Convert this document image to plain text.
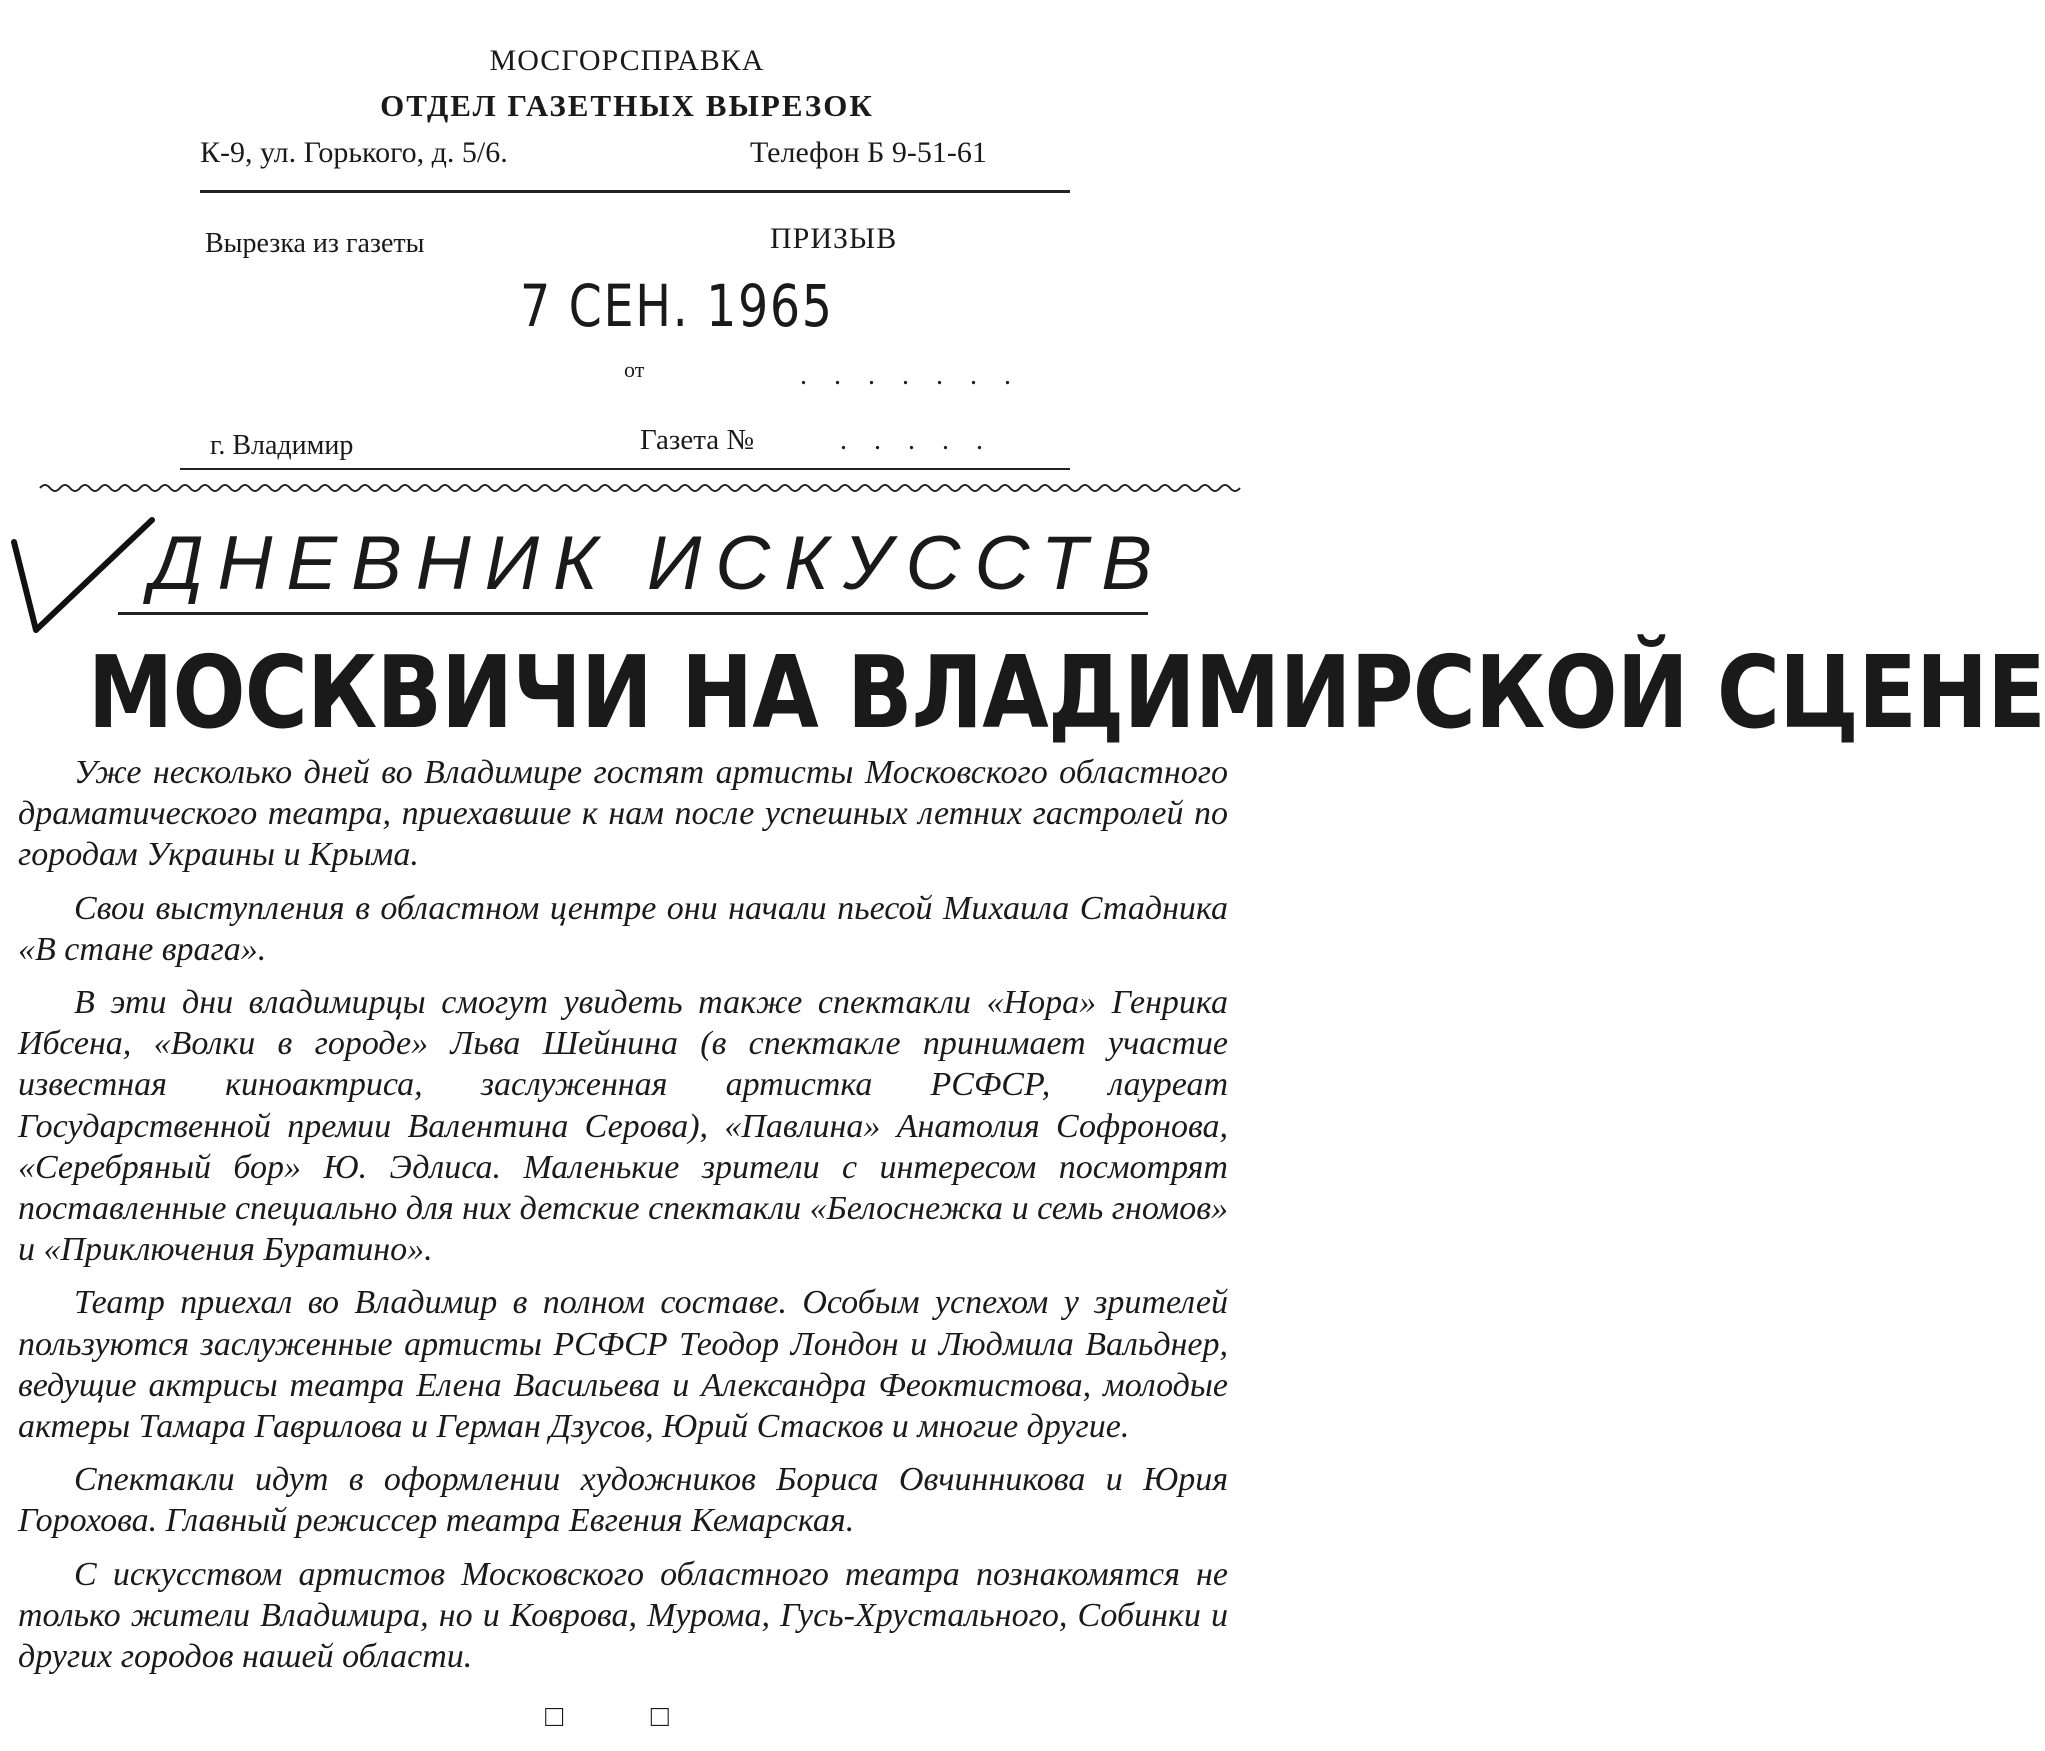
МОСГОРСПРАВКА
ОТДЕЛ ГАЗЕТНЫХ ВЫРЕЗОК
К-9, ул. Горького, д. 5/6.	Телефон Б 9-51-61
Вырезка из газеты	ПРИЗЫВ
7 СЕН. 1965
от	. . . . . . .
г. Владимир	Газета №	. . . . .
ДНЕВНИК ИСКУССТВ
МОСКВИЧИ НА ВЛАДИМИРСКОЙ СЦЕНЕ

Уже несколько дней во Владимире гостят артисты Московского областного драматического театра, приехавшие к нам после успешных летних гастролей по городам Украины и Крыма.

Свои выступления в областном центре они начали пьесой Михаила Стадника «В стане врага».

В эти дни владимирцы смогут увидеть также спектакли «Нора» Генрика Ибсена, «Волки в городе» Льва Шейнина (в спектакле принимает участие известная киноактриса, заслуженная артистка РСФСР, лауреат Государственной премии Валентина Серова), «Павлина» Анатолия Софронова, «Серебряный бор» Ю. Эдлиса. Маленькие зрители с интересом посмотрят поставленные специально для них детские спектакли «Белоснежка и семь гномов» и «Приключения Буратино».

Театр приехал во Владимир в полном составе. Особым успехом у зрителей пользуются заслуженные артисты РСФСР Теодор Лондон и Людмила Вальднер, ведущие актрисы театра Елена Васильева и Александра Феоктистова, молодые актеры Тамара Гаврилова и Герман Дзусов, Юрий Стасков и многие другие.

Спектакли идут в оформлении художников Бориса Овчинникова и Юрия Горохова. Главный режиссер театра Евгения Кемарская.

С искусством артистов Московского областного театра познакомятся не только жители Владимира, но и Коврова, Мурома, Гусь-Хрустального, Собинки и других городов нашей области.

□ □
